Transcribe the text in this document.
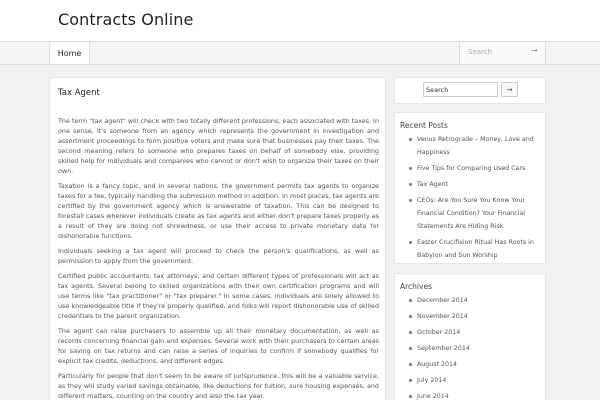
Contracts Online
Home	Search	→
Tax Agent

The term "tax agent" will check with two totally different professions, each associated with taxes. In one sense, it's someone from an agency which represents the government in investigation and assortment proceedings to form positive voters and make sure that businesses pay their taxes. The second meaning refers to someone who prepares taxes on behalf of somebody else, providing skilled help for individuals and companies who cannot or don't wish to organize their taxes on their own.

Taxation is a fancy topic, and in several nations, the government permits tax agents to organize taxes for a fee, typically handling the submission method in addition. In most places, tax agents are certified by the government agency which is answerable of taxation. This can be designed to forestall cases wherever individuals create as tax agents and either don't prepare taxes properly as a result of they are doing not shrewdness, or use their access to private monetary data for dishonorable functions.

Individuals seeking a tax agent will proceed to check the person's qualifications, as well as permission to apply from the government.

Certified public accountants, tax attorneys, and certain different types of professionals will act as tax agents. Several belong to skilled organizations with their own certification programs and will use terms like "tax practitioner" or "tax preparer." In some cases, individuals are solely allowed to use knowledgeable title if they're properly qualified, and folks will report dishonorable use of skilled credentials to the parent organization.

The agent can raise purchasers to assemble up all their monetary documentation, as well as records concerning financial gain and expenses. Several work with their purchasers to certain areas for saving on tax returns and can raise a series of inquiries to confirm if somebody qualifies for explicit tax credits, deductions, and different edges.

Particularly for people that don't seem to be aware of jurisprudence, this will be a valuable service, as they will study varied savings obtainable, like deductions for tuition, sure housing expenses, and different matters, counting on the country and also the tax year.

Search	→
Recent Posts
Venus Retrograde – Money, Love and Happiness
Five Tips for Comparing Used Cars
Tax Agent
CEOs: Are You Sure You Know Your Financial Condition? Your Financial Statements Are Hiding Risk
Easter Crucifixion Ritual Has Roots in Babylon and Sun Worship
Archives
December 2014
November 2014
October 2014
September 2014
August 2014
July 2014
June 2014
